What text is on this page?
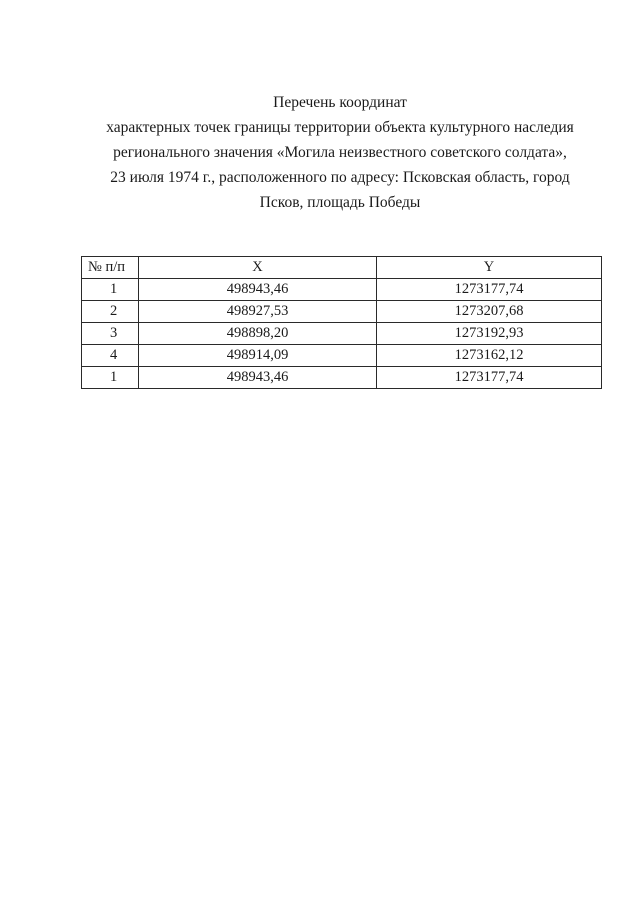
Перечень координат
характерных точек границы территории объекта культурного наследия
регионального значения «Могила неизвестного советского солдата»,
23 июля 1974 г., расположенного по адресу: Псковская область, город
Псков, площадь Победы
№ п/п	X	Y
1	498943,46	1273177,74
2	498927,53	1273207,68
3	498898,20	1273192,93
4	498914,09	1273162,12
1	498943,46	1273177,74
